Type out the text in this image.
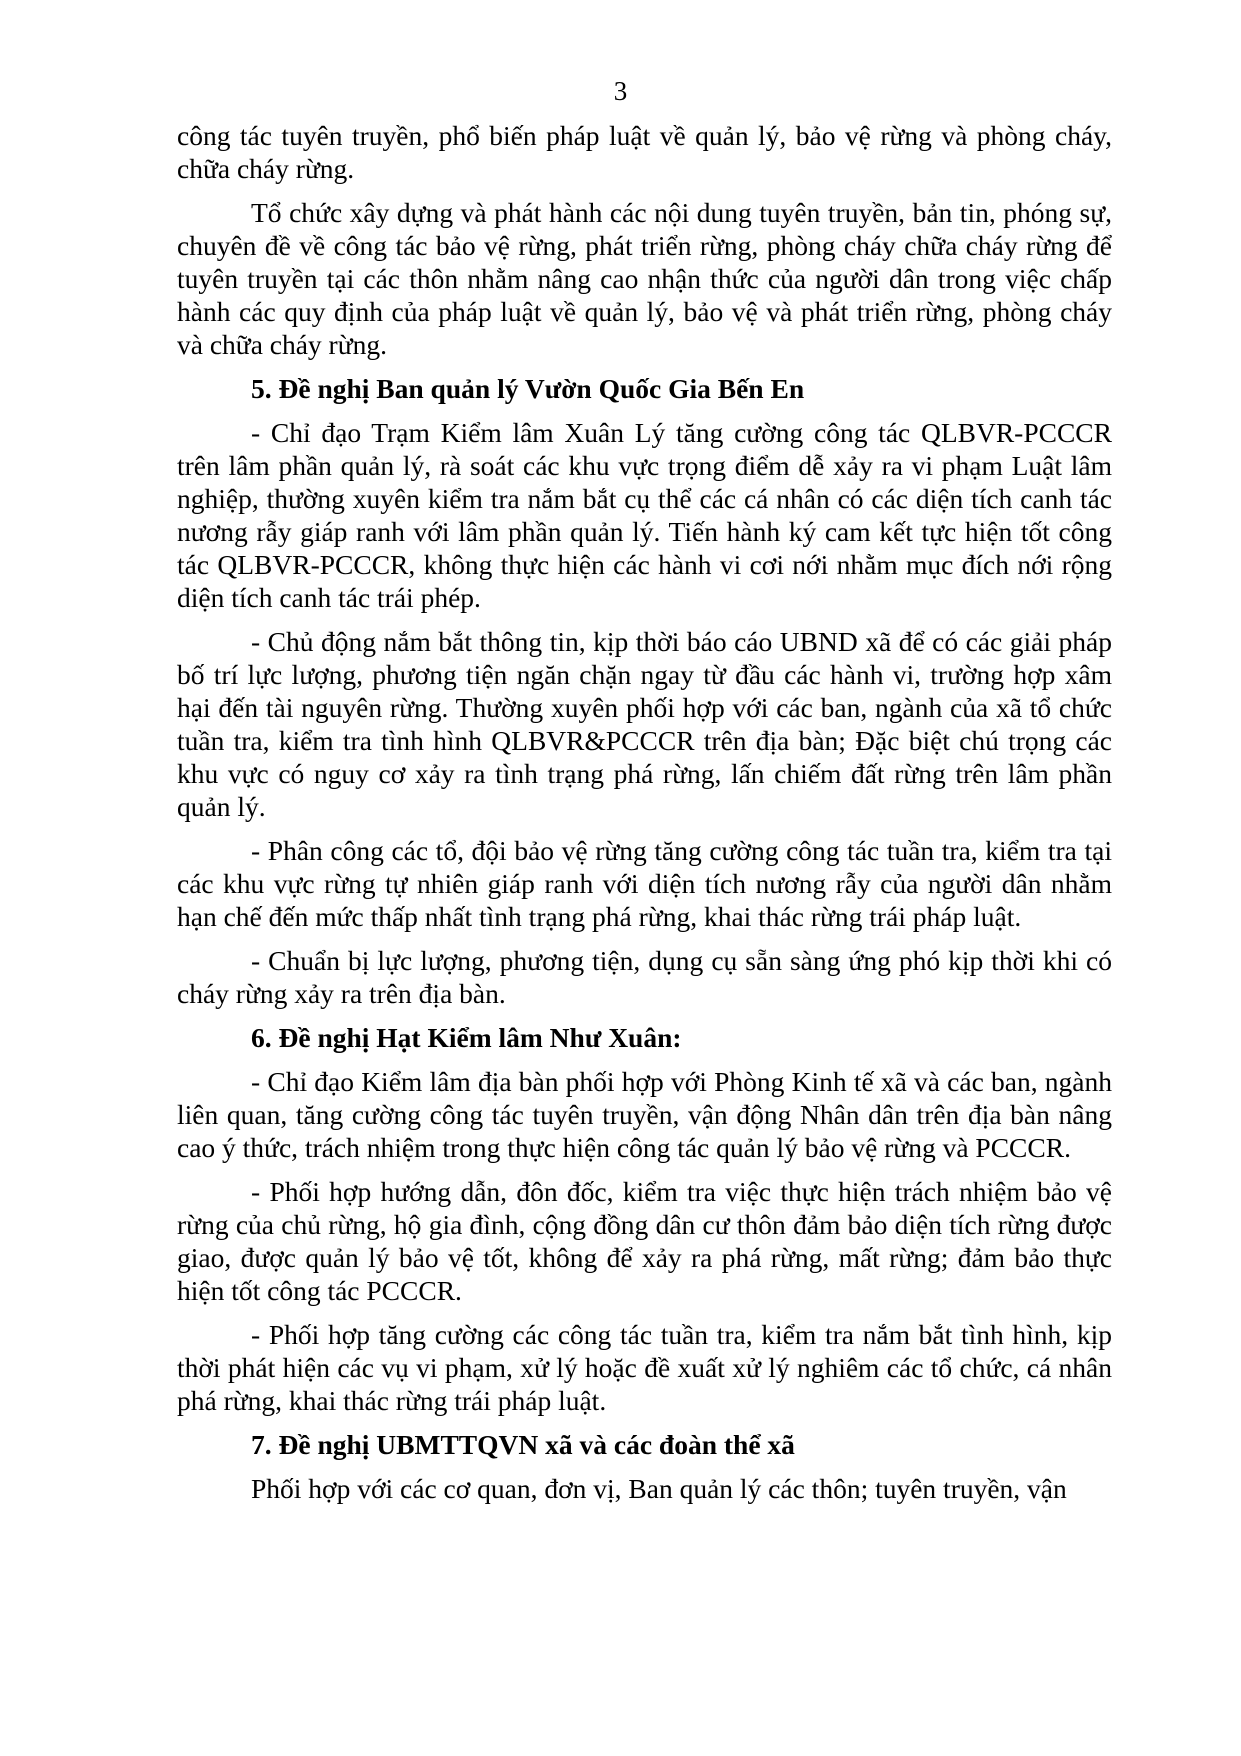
3

công tác tuyên truyền, phổ biến pháp luật về quản lý, bảo vệ rừng và phòng cháy, chữa cháy rừng.

Tổ chức xây dựng và phát hành các nội dung tuyên truyền, bản tin, phóng sự, chuyên đề về công tác bảo vệ rừng, phát triển rừng, phòng cháy chữa cháy rừng để tuyên truyền tại các thôn nhằm nâng cao nhận thức của người dân trong việc chấp hành các quy định của pháp luật về quản lý, bảo vệ và phát triển rừng, phòng cháy và chữa cháy rừng.

5. Đề nghị Ban quản lý Vườn Quốc Gia Bến En

- Chỉ đạo Trạm Kiểm lâm Xuân Lý tăng cường công tác QLBVR-PCCCR trên lâm phần quản lý, rà soát các khu vực trọng điểm dễ xảy ra vi phạm Luật lâm nghiệp, thường xuyên kiểm tra nắm bắt cụ thể các cá nhân có các diện tích canh tác nương rẫy giáp ranh với lâm phần quản lý. Tiến hành ký cam kết tực hiện tốt công tác QLBVR-PCCCR, không thực hiện các hành vi cơi nới nhằm mục đích nới rộng diện tích canh tác trái phép.

- Chủ động nắm bắt thông tin, kịp thời báo cáo UBND xã để có các giải pháp bố trí lực lượng, phương tiện ngăn chặn ngay từ đầu các hành vi, trường hợp xâm hại đến tài nguyên rừng. Thường xuyên phối hợp với các ban, ngành của xã tổ chức tuần tra, kiểm tra tình hình QLBVR&PCCCR trên địa bàn; Đặc biệt chú trọng các khu vực có nguy cơ xảy ra tình trạng phá rừng, lấn chiếm đất rừng trên lâm phần quản lý.

- Phân công các tổ, đội bảo vệ rừng tăng cường công tác tuần tra, kiểm tra tại các khu vực rừng tự nhiên giáp ranh với diện tích nương rẫy của người dân nhằm hạn chế đến mức thấp nhất tình trạng phá rừng, khai thác rừng trái pháp luật.

- Chuẩn bị lực lượng, phương tiện, dụng cụ sẵn sàng ứng phó kịp thời khi có cháy rừng xảy ra trên địa bàn.

6. Đề nghị Hạt Kiểm lâm Như Xuân:

- Chỉ đạo Kiểm lâm địa bàn phối hợp với Phòng Kinh tế xã và các ban, ngành liên quan, tăng cường công tác tuyên truyền, vận động Nhân dân trên địa bàn nâng cao ý thức, trách nhiệm trong thực hiện công tác quản lý bảo vệ rừng và PCCCR.

- Phối hợp hướng dẫn, đôn đốc, kiểm tra việc thực hiện trách nhiệm bảo vệ rừng của chủ rừng, hộ gia đình, cộng đồng dân cư thôn đảm bảo diện tích rừng được giao, được quản lý bảo vệ tốt, không để xảy ra phá rừng, mất rừng; đảm bảo thực hiện tốt công tác PCCCR.

- Phối hợp tăng cường các công tác tuần tra, kiểm tra nắm bắt tình hình, kịp thời phát hiện các vụ vi phạm, xử lý hoặc đề xuất xử lý nghiêm các tổ chức, cá nhân phá rừng, khai thác rừng trái pháp luật.

7. Đề nghị UBMTTQVN xã và các đoàn thể xã

Phối hợp với các cơ quan, đơn vị, Ban quản lý các thôn; tuyên truyền, vận
